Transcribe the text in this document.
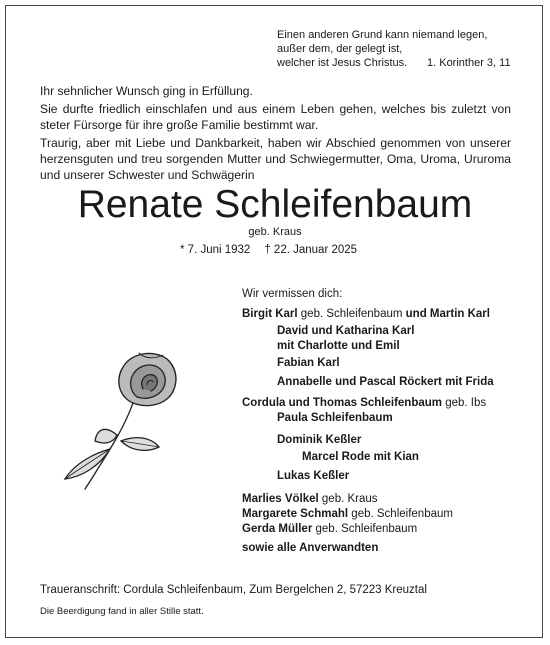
Einen anderen Grund kann niemand legen,
außer dem, der gelegt ist,
welcher ist Jesus Christus.	1. Korinther 3, 11

Ihr sehnlicher Wunsch ging in Erfüllung.

Sie durfte friedlich einschlafen und aus einem Leben gehen, welches bis zuletzt von steter Fürsorge für ihre große Familie bestimmt war.

Traurig, aber mit Liebe und Dankbarkeit, haben wir Abschied genommen von unserer herzensguten und treu sorgenden Mutter und Schwiegermutter, Oma, Uroma, Ururoma und unserer Schwester und Schwägerin

Renate Schleifenbaum
geb. Kraus
* 7. Juni 1932 † 22. Januar 2025
Wir vermissen dich:
Birgit Karl geb. Schleifenbaum und Martin Karl
David und Katharina Karl
mit Charlotte und Emil
Fabian Karl
Annabelle und Pascal Röckert mit Frida
Cordula und Thomas Schleifenbaum geb. Ibs
Paula Schleifenbaum
Dominik Keßler
Marcel Rode mit Kian
Lukas Keßler
Marlies Völkel geb. Kraus
Margarete Schmahl geb. Schleifenbaum
Gerda Müller geb. Schleifenbaum
sowie alle Anverwandten
Traueranschrift: Cordula Schleifenbaum, Zum Bergelchen 2, 57223 Kreuztal
Die Beerdigung fand in aller Stille statt.
